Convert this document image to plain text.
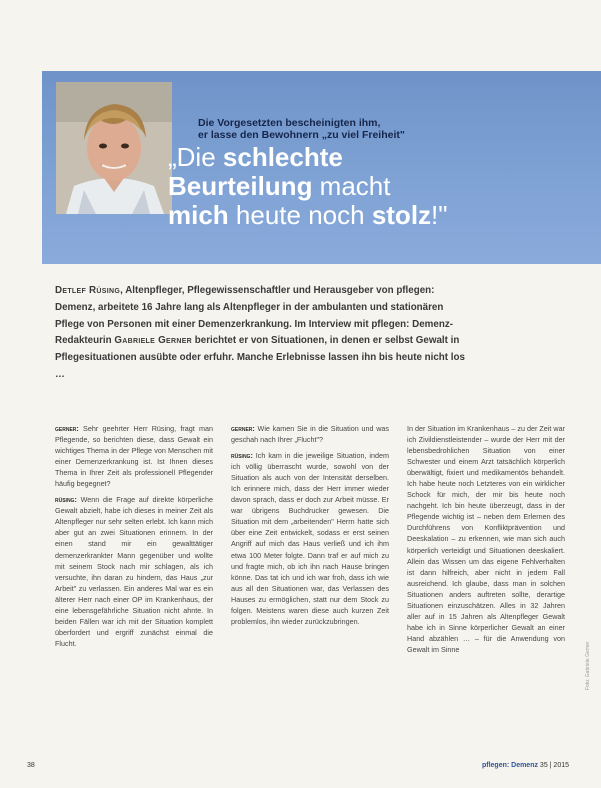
Die Vorgesetzten bescheinigten ihm,
er lasse den Bewohnern „zu viel Freiheit"
„Die schlechte
Beurteilung macht
mich heute noch stolz!"
Detlef Rüsing, Altenpfleger, Pflegewissenschaftler und Herausgeber von pflegen: Demenz, arbeitete 16 Jahre lang als Altenpfleger in der ambulanten und stationären Pflege von Personen mit einer Demenzerkrankung. Im Interview mit pflegen: Demenz-Redakteurin Gabriele Gerner berichtet er von Situationen, in denen er selbst Gewalt in Pflegesituationen ausübte oder erfuhr. Manche Erlebnisse lassen ihn bis heute nicht los …

gerner: Sehr geehrter Herr Rüsing, fragt man Pflegende, so berichten diese, dass Gewalt ein wichtiges Thema in der Pflege von Menschen mit einer Demenzerkrankung ist. Ist Ihnen dieses Thema in Ihrer Zeit als professionell Pflegender häufig begegnet?

rüsing: Wenn die Frage auf direkte körperliche Gewalt abzielt, habe ich dieses in meiner Zeit als Altenpfleger nur sehr selten erlebt. Ich kann mich aber gut an zwei Situationen erinnern. In der einen stand mir ein gewalttätiger demenzerkrankter Mann gegenüber und wollte mit seinem Stock nach mir schlagen, als ich versuchte, ihn daran zu hindern, das Haus „zur Arbeit" zu verlassen. Ein anderes Mal war es ein älterer Herr nach einer OP im Krankenhaus, der eine lebensgefährliche Situation nicht ahnte. In beiden Fällen war ich mit der Situation komplett überfordert und ergriff zunächst einmal die Flucht.

gerner: Wie kamen Sie in die Situation und was geschah nach Ihrer „Flucht"?

rüsing: Ich kam in die jeweilige Situation, indem ich völlig überrascht wurde, sowohl von der Situation als auch von der Intensität derselben. Ich erinnere mich, dass der Herr immer wieder davon sprach, dass er doch zur Arbeit müsse. Er war übrigens Buchdrucker gewesen. Die Situation mit dem „arbeitenden" Herrn hatte sich über eine Zeit entwickelt, sodass er erst seinen Angriff auf mich das Haus verließ und ich ihm etwa 100 Meter folgte. Dann traf er auf mich zu und fragte mich, ob ich ihn nach Hause bringen könne. Das tat ich und ich war froh, dass ich wie aus all den Situationen war, das Verlassen des Hauses zu ermöglichen, statt nur dem Stock zu folgen. Meistens waren diese auch kurzen Zeit problemlos, ihn wieder zurückzubringen.

In der Situation im Krankenhaus – zu der Zeit war ich Zivildienstleistender – wurde der Herr mit der lebensbedrohlichen Situation von einer Schwester und einem Arzt tatsächlich körperlich überwältigt, fixiert und medikamentös behandelt. Ich habe heute noch Letzteres von ein wirklicher Schock für mich, der mir bis heute noch nachgeht. Ich bin heute überzeugt, dass in der Pflegende wichtig ist – neben dem Erlernen des Durchführens von Konfliktprävention und Deeskalation – zu erkennen, wie man sich auch körperlich verteidigt und Situationen deeskaliert. Allein das Wissen um das eigene Fehlverhalten ist dann hilfreich, aber nicht in jedem Fall ausreichend. Ich glaube, dass man in solchen Situationen anders auftreten sollte, derartige Situationen einzuschätzen. Alles in 32 Jahren aller auf in 15 Jahren als Altenpfleger Gewalt habe ich in Sinne körperlicher Gewalt an einer Hand abzählen … – für die Anwendung von Gewalt im Sinne	Foto: Gabriele Gerner
38	pflegen: Demenz 35 | 2015
